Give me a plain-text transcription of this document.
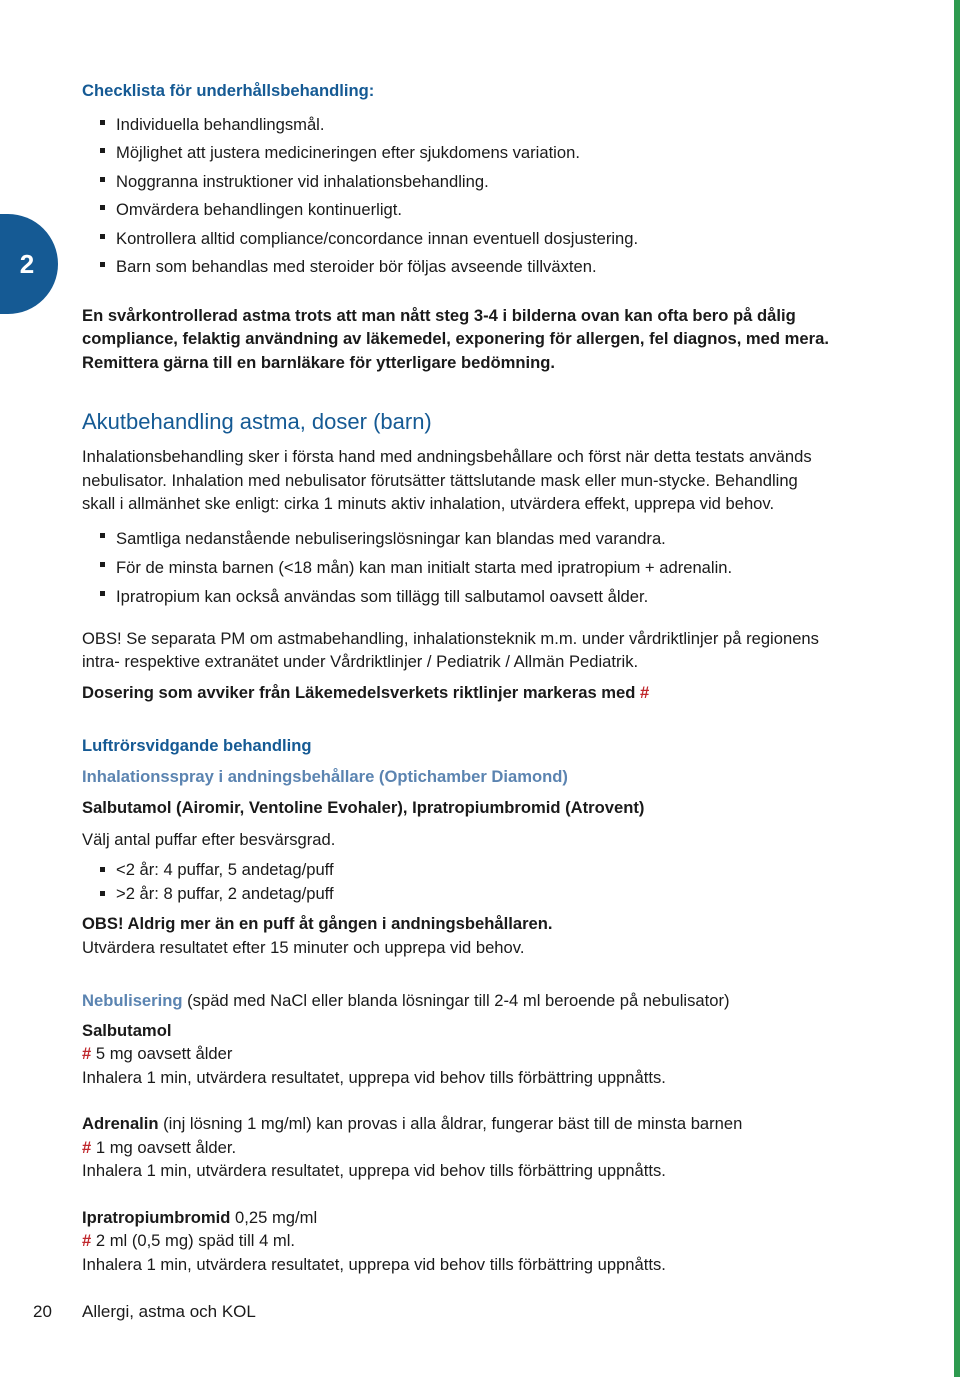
2

Checklista för underhållsbehandling:

Individuella behandlingsmål.
Möjlighet att justera medicineringen efter sjukdomens variation.
Noggranna instruktioner vid inhalationsbehandling.
Omvärdera behandlingen kontinuerligt.
Kontrollera alltid compliance/concordance innan eventuell dosjustering.
Barn som behandlas med steroider bör följas avseende tillväxten.

En svårkontrollerad astma trots att man nått steg 3-4 i bilderna ovan kan ofta bero på dålig compliance, felaktig användning av läkemedel, exponering för allergen, fel diagnos, med mera. Remittera gärna till en barnläkare för ytterligare bedömning.

Akutbehandling astma, doser (barn)

Inhalationsbehandling sker i första hand med andningsbehållare och först när detta testats används nebulisator. Inhalation med nebulisator förutsätter tättslutande mask eller mun-stycke. Behandling skall i allmänhet ske enligt: cirka 1 minuts aktiv inhalation, utvärdera effekt, upprepa vid behov.

Samtliga nedanstående nebuliseringslösningar kan blandas med varandra.
För de minsta barnen (<18 mån) kan man initialt starta med ipratropium + adrenalin.
Ipratropium kan också användas som tillägg till salbutamol oavsett ålder.

OBS! Se separata PM om astmabehandling, inhalationsteknik m.m. under vårdriktlinjer på regionens intra- respektive extranätet under Vårdriktlinjer / Pediatrik / Allmän Pediatrik.

Dosering som avviker från Läkemedelsverkets riktlinjer markeras med #

Luftrörsvidgande behandling

Inhalationsspray i andningsbehållare (Optichamber Diamond)

Salbutamol (Airomir, Ventoline Evohaler), Ipratropiumbromid (Atrovent)

Välj antal puffar efter besvärsgrad.

<2 år: 4 puffar, 5 andetag/puff
>2 år: 8 puffar, 2 andetag/puff

OBS! Aldrig mer än en puff åt gången i andningsbehållaren.

Utvärdera resultatet efter 15 minuter och upprepa vid behov.

Nebulisering (späd med NaCl eller blanda lösningar till 2-4 ml beroende på nebulisator)

Salbutamol

# 5 mg oavsett ålder

Inhalera 1 min, utvärdera resultatet, upprepa vid behov tills förbättring uppnåtts.

Adrenalin (inj lösning 1 mg/ml) kan provas i alla åldrar, fungerar bäst till de minsta barnen

# 1 mg oavsett ålder.

Inhalera 1 min, utvärdera resultatet, upprepa vid behov tills förbättring uppnåtts.

Ipratropiumbromid 0,25 mg/ml

# 2 ml (0,5 mg) späd till 4 ml.

Inhalera 1 min, utvärdera resultatet, upprepa vid behov tills förbättring uppnåtts.

20 Allergi, astma och KOL
